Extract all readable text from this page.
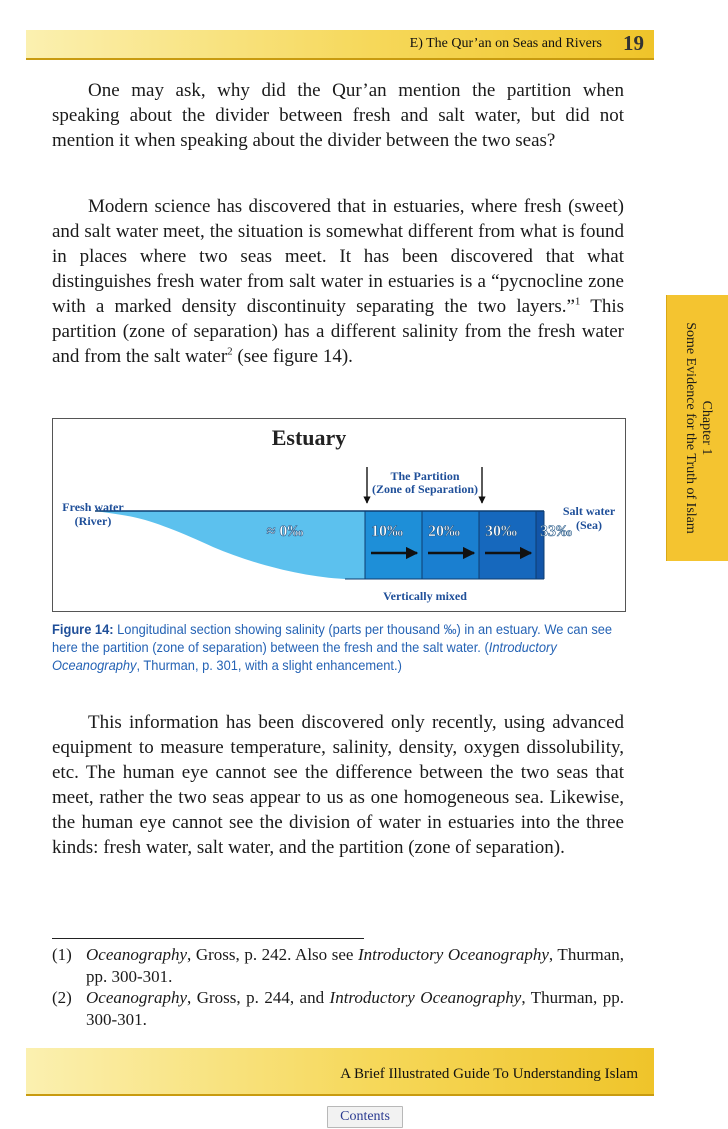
E) The Qur’an on Seas and Rivers 19

One may ask, why did the Qur’an mention the partition when speaking about the divider between fresh and salt water, but did not mention it when speaking about the divider between the two seas?

Modern science has discovered that in estuaries, where fresh (sweet) and salt water meet, the situation is somewhat different from what is found in places where two seas meet. It has been discovered that what distinguishes fresh water from salt water in estuaries is a “pycnocline zone with a marked density discontinuity separating the two layers.”$^1$ This partition (zone of separation) has a different salinity from the fresh water and from the salt water$^2$ (see figure 14).

Chapter 1
Some Evidence for the Truth of Islam
Estuary
The Partition
(Zone of Separation)
Fresh water
(River)
Salt water
(Sea)
≈ 0‰	10‰ 20‰ 30‰ 33‰
Vertically mixed

Figure 14: Longitudinal section showing salinity (parts per thousand ‰) in an estuary. We can see here the partition (zone of separation) between the fresh and the salt water. (Introductory Oceanography, Thurman, p. 301, with a slight enhancement.)

This information has been discovered only recently, using advanced equipment to measure temperature, salinity, density, oxygen dissolubility, etc. The human eye cannot see the difference between the two seas that meet, rather the two seas appear to us as one homogeneous sea. Likewise, the human eye cannot see the division of water in estuaries into the three kinds: fresh water, salt water, and the partition (zone of separation).

(1) Oceanography, Gross, p. 242. Also see Introductory Oceanography, Thurman, pp. 300-301.
(2) Oceanography, Gross, p. 244, and Introductory Oceanography, Thurman, pp. 300-301.
A Brief Illustrated Guide To Understanding Islam
Contents
